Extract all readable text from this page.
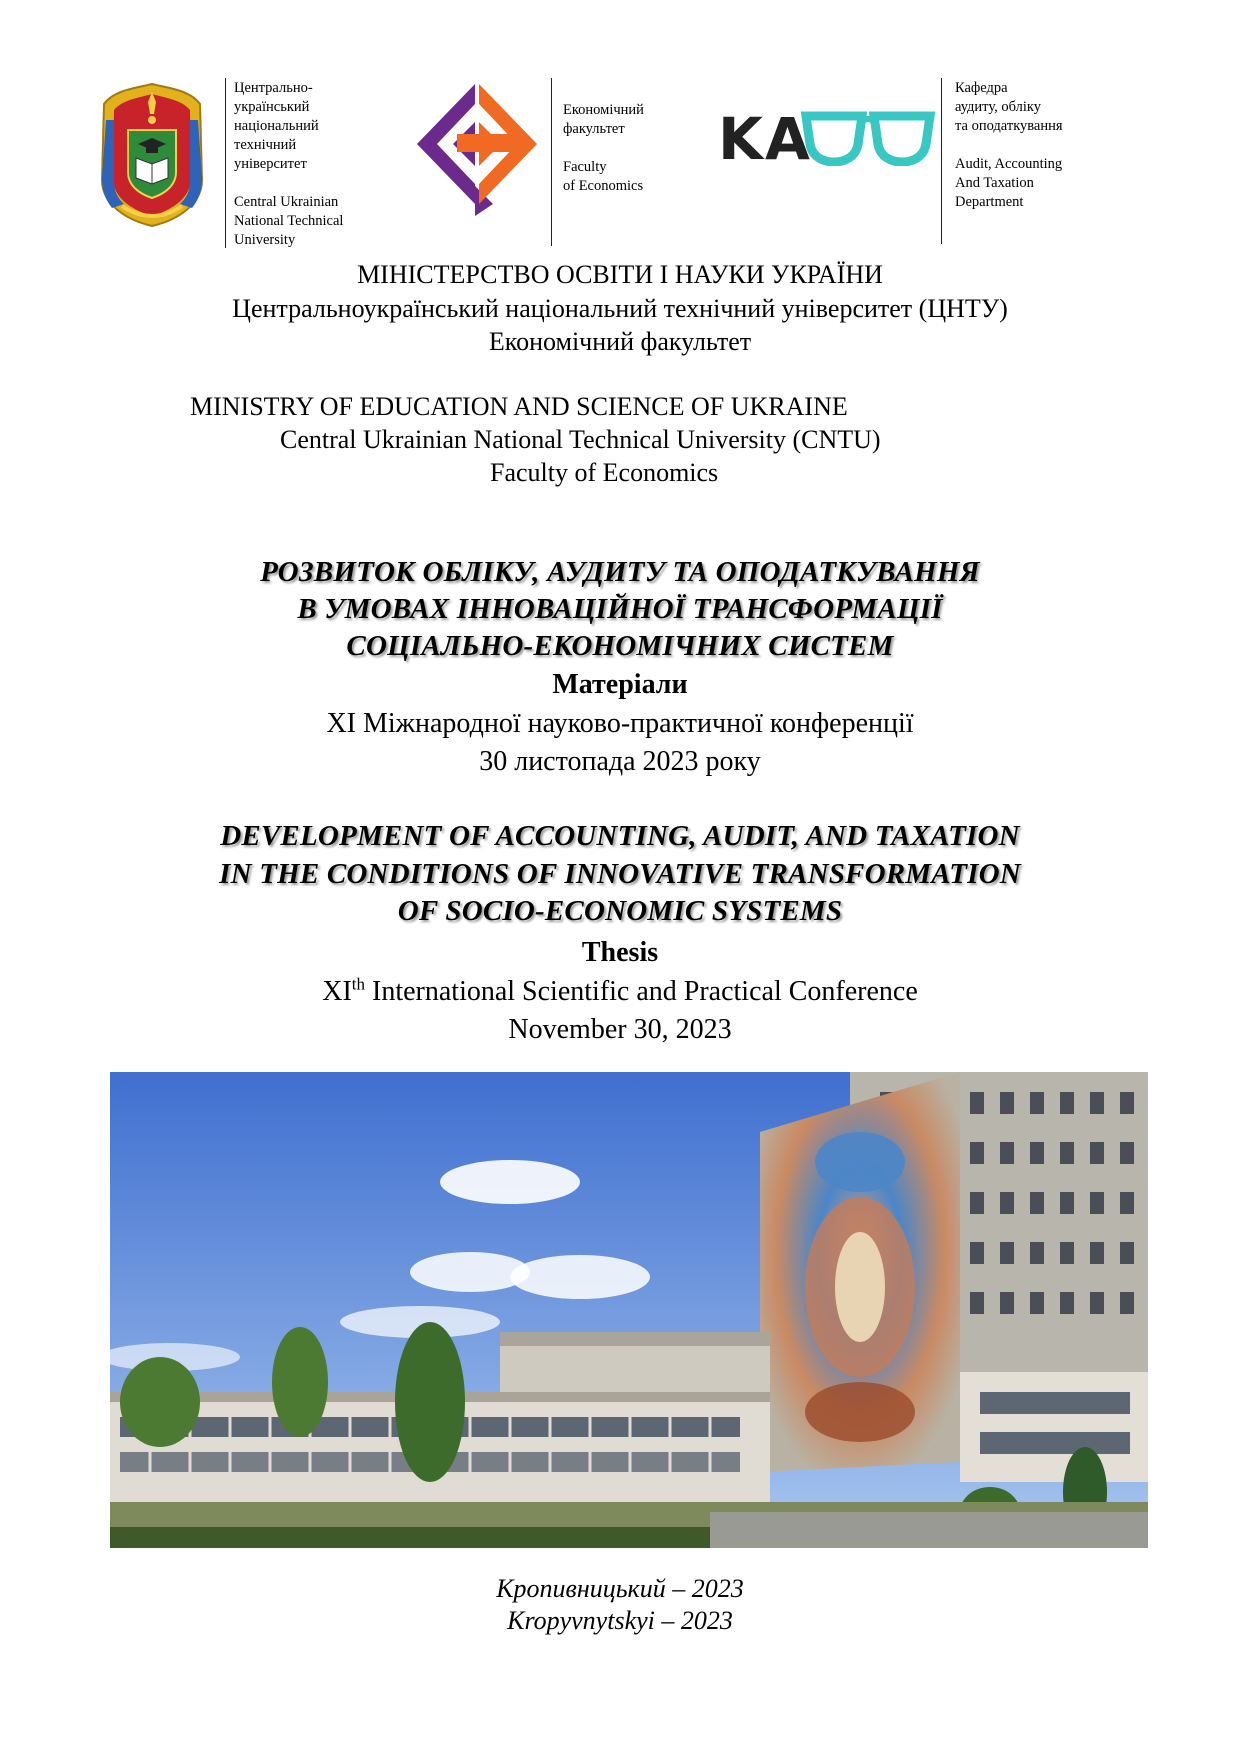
Центрально-
український
національний
технічний
університет

Central Ukrainian
National Technical
University
Економічний
факультет

Faculty
of Economics
KA
Кафедра
аудиту, обліку
та оподаткування

Audit, Accounting
And Taxation
Department
МІНІСТЕРСТВО ОСВІТИ І НАУКИ УКРАЇНИ
Центральноукраїнський національний технічний університет (ЦНТУ)
Економічний факультет
MINISTRY OF EDUCATION AND SCIENCE OF UKRAINE
Central Ukrainian National Technical University (CNTU)
Faculty of Economics
РОЗВИТОК ОБЛІКУ, АУДИТУ ТА ОПОДАТКУВАННЯ
В УМОВАХ ІННОВАЦІЙНОЇ ТРАНСФОРМАЦІЇ
СОЦІАЛЬНО-ЕКОНОМІЧНИХ СИСТЕМ
Матеріали
XI Міжнародної науково-практичної конференції
30 листопада 2023 року
DEVELOPMENT OF ACCOUNTING, AUDIT, AND TAXATION
IN THE CONDITIONS OF INNOVATIVE TRANSFORMATION
OF SOCIO-ECONOMIC SYSTEMS
Thesis
XIth International Scientific and Practical Conference
November 30, 2023
Кропивницький – 2023
Kropyvnytskyi – 2023
